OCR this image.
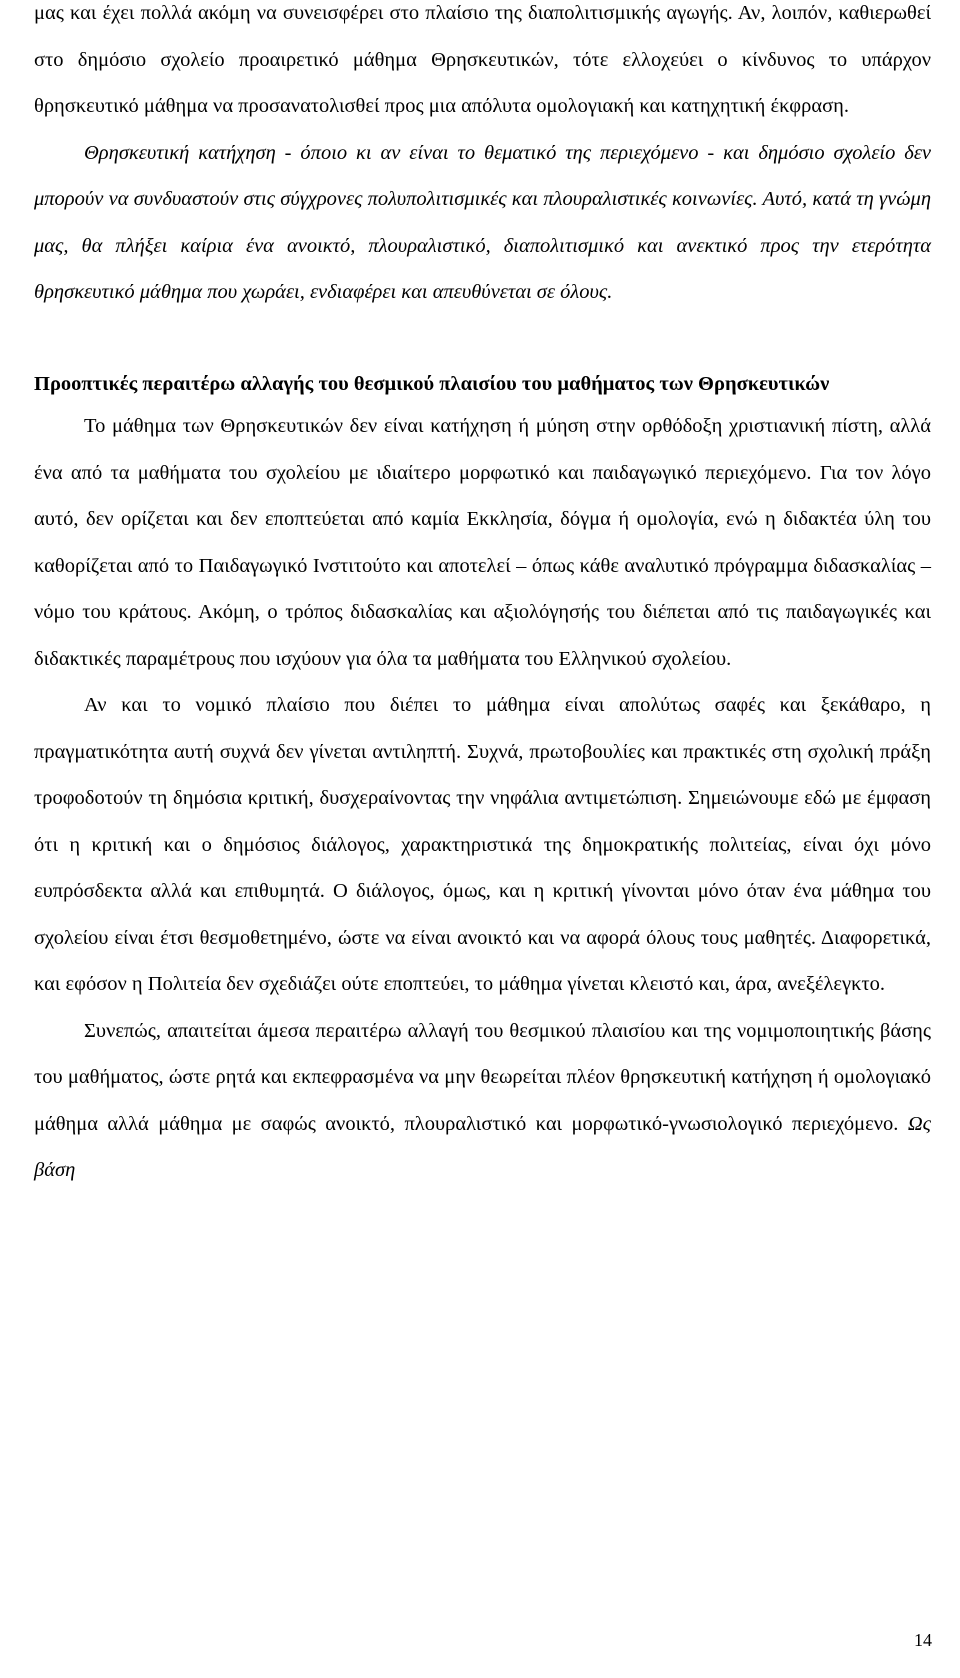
μας και έχει πολλά ακόμη να συνεισφέρει στο πλαίσιο της διαπολιτισμικής αγωγής. Αν, λοιπόν, καθιερωθεί στο δημόσιο σχολείο προαιρετικό μάθημα Θρησκευτικών, τότε ελλοχεύει ο κίνδυνος το υπάρχον θρησκευτικό μάθημα να προσανατολισθεί προς μια απόλυτα ομολογιακή και κατηχητική έκφραση.

Θρησκευτική κατήχηση - όποιο κι αν είναι το θεματικό της περιεχόμενο - και δημόσιο σχολείο δεν μπορούν να συνδυαστούν στις σύγχρονες πολυπολιτισμικές και πλουραλιστικές κοινωνίες. Αυτό, κατά τη γνώμη μας, θα πλήξει καίρια ένα ανοικτό, πλουραλιστικό, διαπολιτισμικό και ανεκτικό προς την ετερότητα θρησκευτικό μάθημα που χωράει, ενδιαφέρει και απευθύνεται σε όλους.

Προοπτικές περαιτέρω αλλαγής του θεσμικού πλαισίου του μαθήματος των Θρησκευτικών

Το μάθημα των Θρησκευτικών δεν είναι κατήχηση ή μύηση στην ορθόδοξη χριστιανική πίστη, αλλά ένα από τα μαθήματα του σχολείου με ιδιαίτερο μορφωτικό και παιδαγωγικό περιεχόμενο. Για τον λόγο αυτό, δεν ορίζεται και δεν εποπτεύεται από καμία Εκκλησία, δόγμα ή ομολογία, ενώ η διδακτέα ύλη του καθορίζεται από το Παιδαγωγικό Ινστιτούτο και αποτελεί – όπως κάθε αναλυτικό πρόγραμμα διδασκαλίας – νόμο του κράτους. Ακόμη, ο τρόπος διδασκαλίας και αξιολόγησής του διέπεται από τις παιδαγωγικές και διδακτικές παραμέτρους που ισχύουν για όλα τα μαθήματα του Ελληνικού σχολείου.

Αν και το νομικό πλαίσιο που διέπει το μάθημα είναι απολύτως σαφές και ξεκάθαρο, η πραγματικότητα αυτή συχνά δεν γίνεται αντιληπτή. Συχνά, πρωτοβουλίες και πρακτικές στη σχολική πράξη τροφοδοτούν τη δημόσια κριτική, δυσχεραίνοντας την νηφάλια αντιμετώπιση. Σημειώνουμε εδώ με έμφαση ότι η κριτική και ο δημόσιος διάλογος, χαρακτηριστικά της δημοκρατικής πολιτείας, είναι όχι μόνο ευπρόσδεκτα αλλά και επιθυμητά. Ο διάλογος, όμως, και η κριτική γίνονται μόνο όταν ένα μάθημα του σχολείου είναι έτσι θεσμοθετημένο, ώστε να είναι ανοικτό και να αφορά όλους τους μαθητές. Διαφορετικά, και εφόσον η Πολιτεία δεν σχεδιάζει ούτε εποπτεύει, το μάθημα γίνεται κλειστό και, άρα, ανεξέλεγκτο.

Συνεπώς, απαιτείται άμεσα περαιτέρω αλλαγή του θεσμικού πλαισίου και της νομιμοποιητικής βάσης του μαθήματος, ώστε ρητά και εκπεφρασμένα να μην θεωρείται πλέον θρησκευτική κατήχηση ή ομολογιακό μάθημα αλλά μάθημα με σαφώς ανοικτό, πλουραλιστικό και μορφωτικό-γνωσιολογικό περιεχόμενο. Ως βάση

14
